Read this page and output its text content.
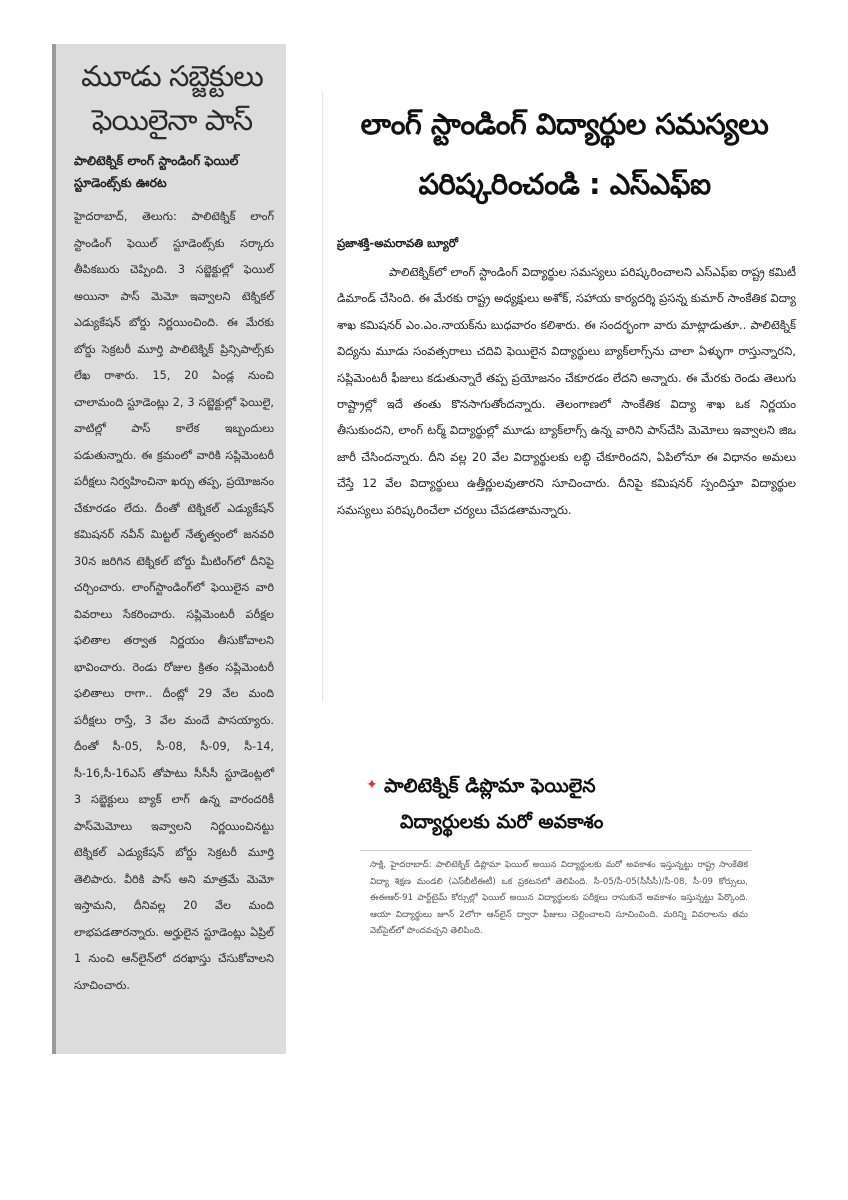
మూడు సబ్జెక్టులు ఫెయిలైనా పాస్
పాలిటెక్నిక్ లాంగ్ స్టాండింగ్ ఫెయిల్ స్టూడెంట్స్‌కు ఊరట

హైదరాబాద్, తెలుగు: పాలిటెక్నిక్ లాంగ్ స్టాండింగ్ ఫెయిల్ స్టూడెంట్స్‌కు సర్కారు తీపికబురు చెప్పింది. 3 సబ్జెక్టుల్లో ఫెయిల్ అయినా పాస్ మెమో ఇవ్వాలని టెక్నికల్ ఎడ్యుకేషన్ బోర్డు నిర్ణయించింది. ఈ మేరకు బోర్డు సెక్రటరీ మూర్తి పాలిటెక్నిక్ ప్రిన్సిపాల్స్‌కు లేఖ రాశారు. 15, 20 ఏండ్ల నుంచి చాలామంది స్టూడెంట్లు 2, 3 సబ్జెక్టుల్లో ఫెయిలై, వాటిల్లో పాస్ కాలేక ఇబ్బందులు పడుతున్నారు. ఈ క్రమంలో వారికి సప్లిమెంటరీ పరీక్షలు నిర్వహించినా ఖర్చు తప్ప, ప్రయోజనం చేకూరడం లేదు. దీంతో టెక్నికల్ ఎడ్యుకేషన్ కమిషనర్ నవీన్ మిట్టల్ నేతృత్వంలో జనవరి 30న జరిగిన టెక్నికల్ బోర్డు మీటింగ్‌లో దీనిపై చర్చించారు. లాంగ్‌స్టాండింగ్‌లో ఫెయిలైన వారి వివరాలు సేకరించారు. సప్లిమెంటరీ పరీక్షల ఫలితాల తర్వాత నిర్ణయం తీసుకోవాలని భావించారు. రెండు రోజుల క్రితం సప్లిమెంటరీ ఫలితాలు రాగా.. దీంట్లో 29 వేల మంది పరీక్షలు రాస్తే, 3 వేల మందే పాసయ్యారు. దీంతో సీ-05, సీ-08, సీ-09, సీ-14, సీ-16,సీ-16ఎస్ తోపాటు సీసీసీ స్టూడెంట్లలో 3 సబ్జెక్టులు బ్యాక్ లాగ్ ఉన్న వారందరికీ పాస్‌మెమోలు ఇవ్వాలని నిర్ణయించినట్టు టెక్నికల్ ఎడ్యుకేషన్ బోర్డు సెక్రటరీ మూర్తి తెలిపారు. వీరికి పాస్ అని మాత్రమే మెమో ఇస్తామని, దీనివల్ల 20 వేల మంది లాభపడతారన్నారు. అర్హులైన స్టూడెంట్లు ఏప్రిల్ 1 నుంచి ఆన్‌లైన్‌లో దరఖాస్తు చేసుకోవాలని సూచించారు.

లాంగ్ స్టాండింగ్ విద్యార్థుల సమస్యలు
పరిష్కరించండి : ఎస్ఎఫ్ఐ
ప్రజాశక్తి-అమరావతి బ్యూరో

పాలిటెక్నిక్‌లో లాంగ్ స్టాండింగ్ విద్యార్థుల సమస్యలు పరిష్కరించాలని ఎస్ఎఫ్ఐ రాష్ట్ర కమిటీ డిమాండ్ చేసింది. ఈ మేరకు రాష్ట్ర అధ్యక్షులు అశోక్, సహాయ కార్యదర్శి ప్రసన్న కుమార్ సాంకేతిక విద్యా శాఖ కమిషనర్ ఎం.ఎం.నాయక్‌ను బుధవారం కలిశారు. ఈ సందర్భంగా వారు మాట్లాడుతూ.. పాలిటెక్నిక్ విద్యను మూడు సంవత్సరాలు చదివి ఫెయిలైన విద్యార్థులు బ్యాక్‌లాగ్స్‌ను చాలా ఏళ్ళుగా రాస్తున్నారని, సప్లిమెంటరీ ఫీజులు కడుతున్నారే తప్ప ప్రయోజనం చేకూరడం లేదని అన్నారు. ఈ మేరకు రెండు తెలుగు రాష్ట్రాల్లో ఇదే తంతు కొనసాగుతోందన్నారు. తెలంగాణలో సాంకేతిక విద్యా శాఖ ఒక నిర్ణయం తీసుకుందని, లాంగ్ టర్మ్ విద్యార్థుల్లో మూడు బ్యాక్‌లాగ్స్ ఉన్న వారిని పాస్‌చేసి మెమోలు ఇవ్వాలని జిఒ జారీ చేసిందన్నారు. దీని వల్ల 20 వేల విద్యార్థులకు లబ్ధి చేకూరిందని, ఏపిలోనూ ఈ విధానం అమలు చేస్తే 12 వేల విద్యార్థులు ఉత్తీర్ణులవుతారని సూచించారు. దీనిపై కమిషనర్ స్పందిస్తూ విద్యార్థుల సమస్యలు పరిష్కరించేలా చర్యలు చేపడతామన్నారు.

✦ పాలిటెక్నిక్ డిప్లొమా ఫెయిలైన
విద్యార్థులకు మరో అవకాశం

సాక్షి, హైదరాబాద్: పాలిటెక్నిక్ డిప్లొమా ఫెయిల్ అయిన విద్యార్థులకు మరో అవకాశం ఇస్తున్నట్టు రాష్ట్ర సాంకేతిక విద్యా శిక్షణ మండలి (ఎస్‌బీటీఈటీ) ఒక ప్రకటనలో తెలిపింది. సీ-05/సీ-05(సీసీసీ)/సీ-08, సీ-09 కోర్సులు, ఈఈఆర్-91 పార్ట్‌టైమ్ కోర్సుల్లో ఫెయిల్ అయిన విద్యార్థులకు పరీక్షలు రాసుకునే అవకాశం ఇస్తున్నట్టు పేర్కొంది. ఆయా విద్యార్థులు జూన్ 2లోగా ఆన్‌లైన్ ద్వారా ఫీజులు చెల్లించాలని సూచించింది. మరిన్ని వివరాలను తమ వెబ్‌సైట్‌లో పొందవచ్చని తెలిపింది.
